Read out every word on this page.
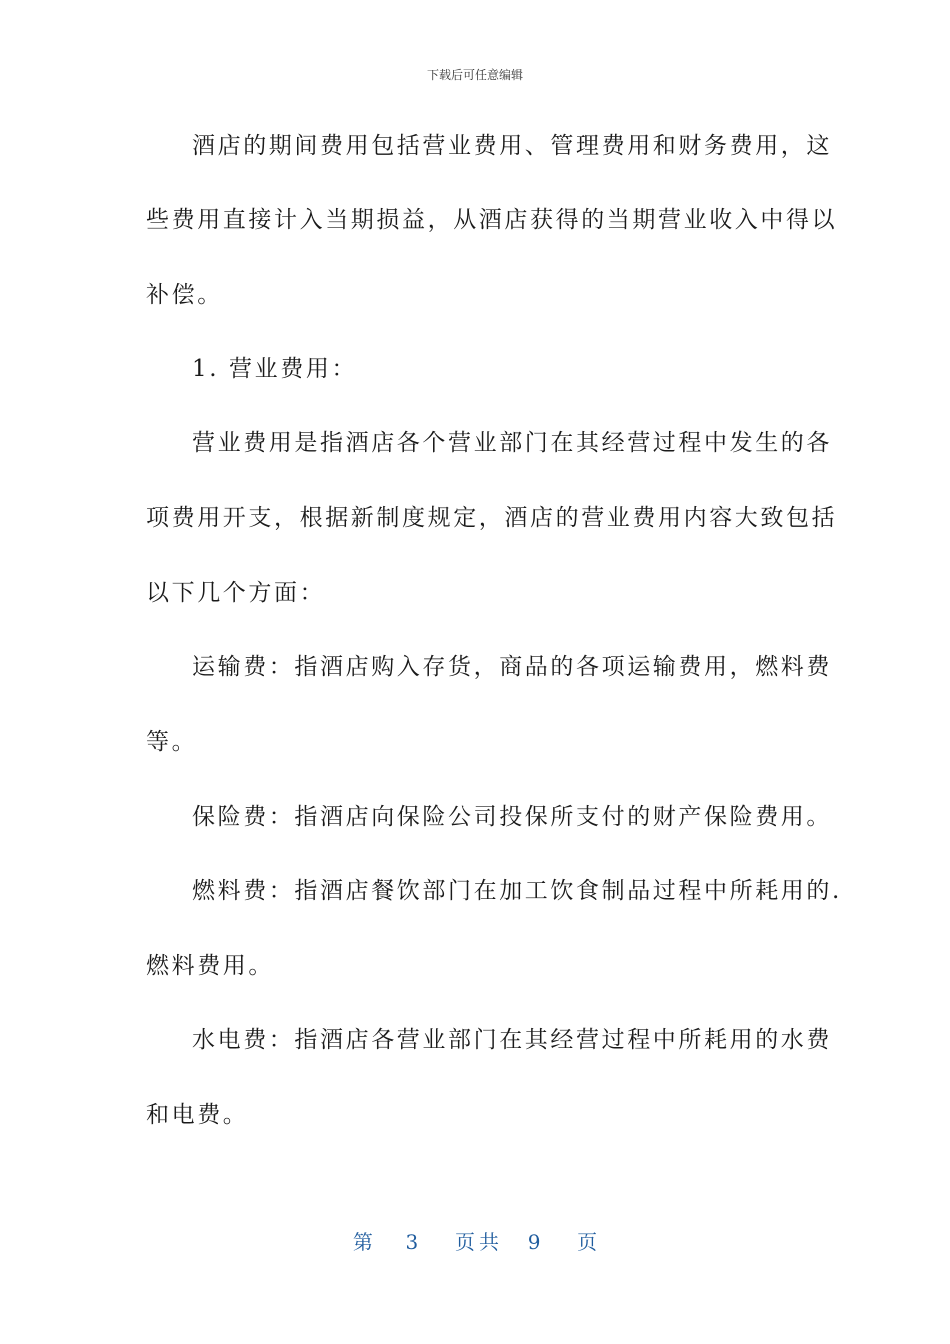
下载后可任意编辑
酒店的期间费用包括营业费用、管理费用和财务费用，这
些费用直接计入当期损益，从酒店获得的当期营业收入中得以
补偿。
1. 营业费用：
营业费用是指酒店各个营业部门在其经营过程中发生的各
项费用开支，根据新制度规定，酒店的营业费用内容大致包括
以下几个方面：
运输费：指酒店购入存货，商品的各项运输费用，燃料费
等。
保险费：指酒店向保险公司投保所支付的财产保险费用。
燃料费：指酒店餐饮部门在加工饮食制品过程中所耗用的.
燃料费用。
水电费：指酒店各营业部门在其经营过程中所耗用的水费
和电费。
第 3 页共 9 页
